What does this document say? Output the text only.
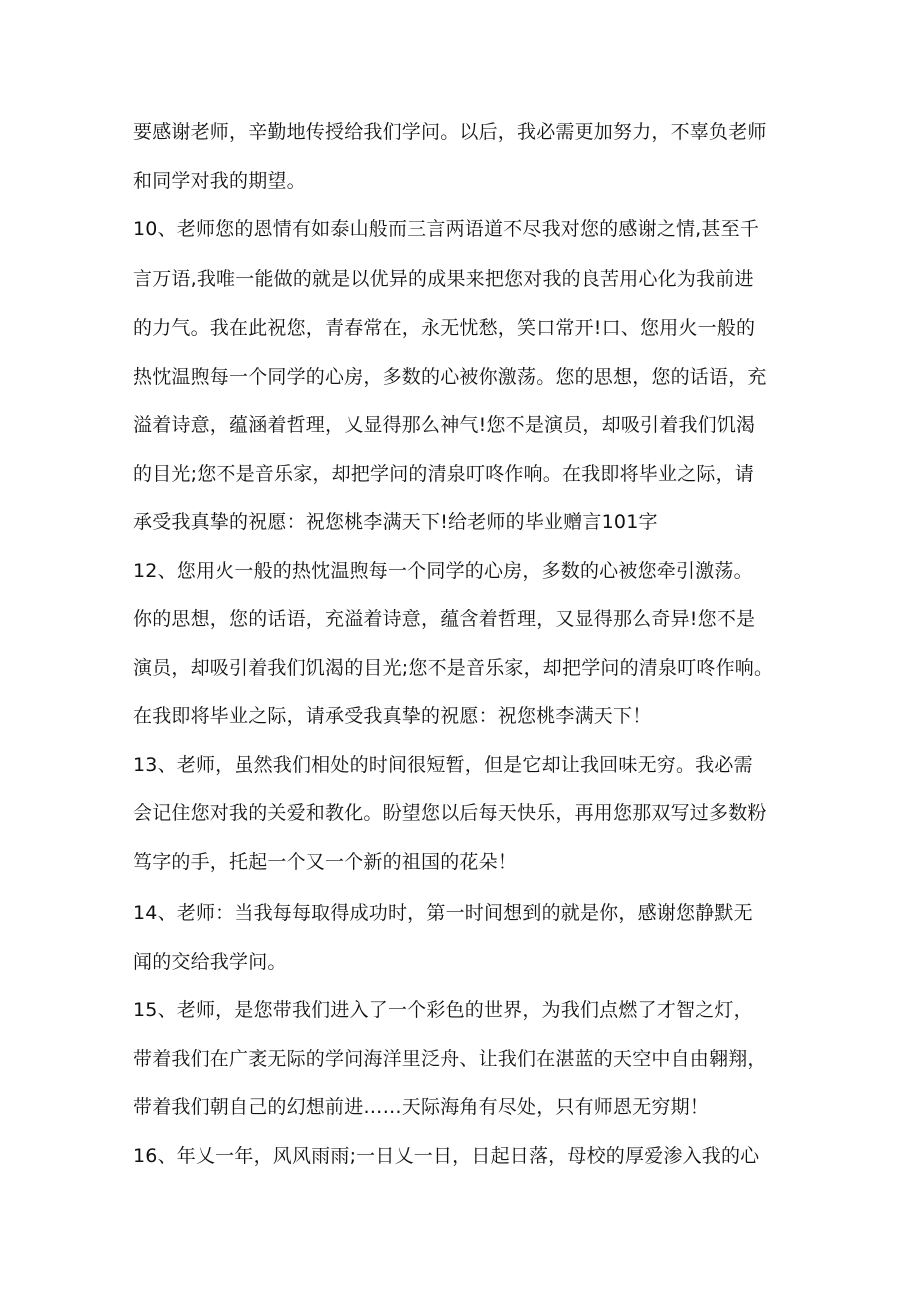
要感谢老师，辛勤地传授给我们学问。以后，我必需更加努力，不辜负老师
和同学对我的期望。
10、老师您的恩情有如泰山般而三言两语道不尽我对您的感谢之情,甚至千
言万语,我唯一能做的就是以优异的成果来把您对我的良苦用心化为我前进
的力气。我在此祝您，青春常在，永无忧愁，笑口常开!口、您用火一般的
热忱温煦每一个同学的心房，多数的心被你激荡。您的思想，您的话语，充
溢着诗意，蕴涵着哲理，乂显得那么神气!您不是演员，却吸引着我们饥渴
的目光;您不是音乐家，却把学问的清泉叮咚作响。在我即将毕业之际，请
承受我真挚的祝愿：祝您桃李满天下!给老师的毕业赠言101字
12、您用火一般的热忱温煦每一个同学的心房，多数的心被您牵引激荡。
你的思想，您的话语，充溢着诗意，蕴含着哲理，又显得那么奇异!您不是
演员，却吸引着我们饥渴的目光;您不是音乐家，却把学问的清泉叮咚作响。
在我即将毕业之际，请承受我真挚的祝愿：祝您桃李满天下！
13、老师，虽然我们相处的时间很短暂，但是它却让我回味无穷。我必需
会记住您对我的关爱和教化。盼望您以后每天快乐，再用您那双写过多数粉
笃字的手，托起一个又一个新的祖国的花朵！
14、老师：当我每每取得成功时，第一时间想到的就是你，感谢您静默无
闻的交给我学问。
15、老师，是您带我们进入了一个彩色的世界，为我们点燃了才智之灯，
带着我们在广袤无际的学问海洋里泛舟、让我们在湛蓝的天空中自由翱翔，
带着我们朝自己的幻想前进……天际海角有尽处，只有师恩无穷期！
16、年乂一年，风风雨雨;一日乂一日，日起日落，母校的厚爱渗入我的心
